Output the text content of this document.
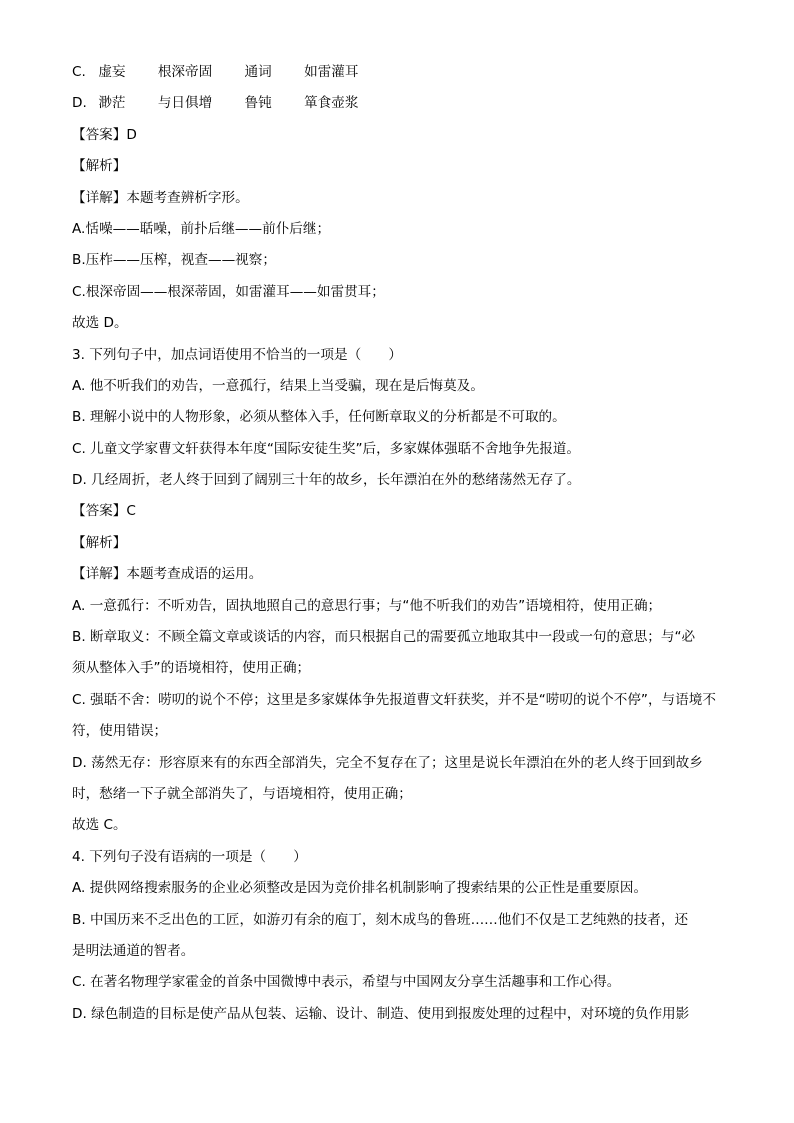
C. 虚妄 根深帝固 通词 如雷灌耳
D. 渺茫 与日俱增 鲁钝 箪食壶浆
【答案】D
【解析】
【详解】本题考查辨析字形。
A.恬噪——聒噪，前扑后继——前仆后继；
B.压柞——压榨，视查——视察；
C.根深帝固——根深蒂固，如雷灌耳——如雷贯耳；
故选 D。
3. 下列句子中，加点词语使用不恰当的一项是（　　）
A. 他不听我们的劝告，一意孤行，结果上当受骗，现在是后悔莫及。
B. 理解小说中的人物形象，必须从整体入手，任何断章取义的分析都是不可取的。
C. 儿童文学家曹文轩获得本年度“国际安徒生奖”后，多家媒体强聒不舍地争先报道。
D. 几经周折，老人终于回到了阔别三十年的故乡，长年漂泊在外的愁绪荡然无存了。
【答案】C
【解析】
【详解】本题考查成语的运用。
A. 一意孤行：不听劝告，固执地照自己的意思行事；与“他不听我们的劝告”语境相符，使用正确；
B. 断章取义：不顾全篇文章或谈话的内容，而只根据自己的需要孤立地取其中一段或一句的意思；与“必
须从整体入手”的语境相符，使用正确；
C. 强聒不舍：唠叨的说个不停；这里是多家媒体争先报道曹文轩获奖，并不是“唠叨的说个不停”，与语境不
符，使用错误；
D. 荡然无存：形容原来有的东西全部消失，完全不复存在了；这里是说长年漂泊在外的老人终于回到故乡
时，愁绪一下子就全部消失了，与语境相符，使用正确；
故选 C。
4. 下列句子没有语病的一项是（　　）
A. 提供网络搜索服务的企业必须整改是因为竞价排名机制影响了搜索结果的公正性是重要原因。
B. 中国历来不乏出色的工匠，如游刃有余的庖丁，刻木成鸟的鲁班……他们不仅是工艺纯熟的技者，还
是明法通道的智者。
C. 在著名物理学家霍金的首条中国微博中表示，希望与中国网友分享生活趣事和工作心得。
D. 绿色制造的目标是使产品从包装、运输、设计、制造、使用到报废处理的过程中，对环境的负作用影
